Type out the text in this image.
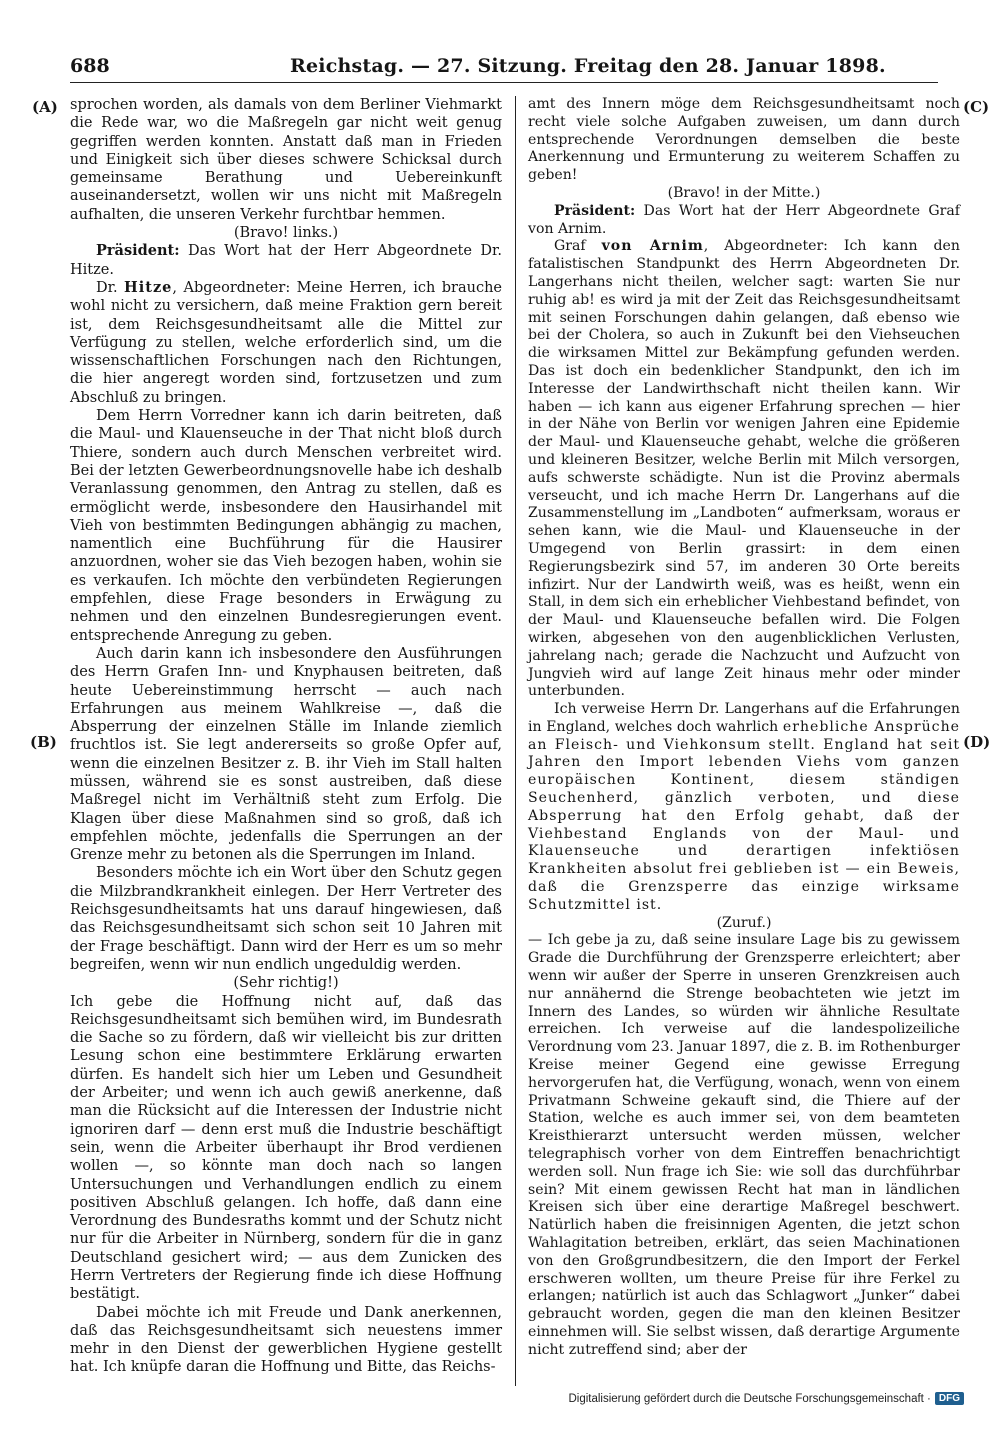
688	Reichstag. — 27. Sitzung. Freitag den 28. Januar 1898.
(A)
(B)
(C)
(D)

sprochen worden, als damals von dem Berliner Viehmarkt die Rede war, wo die Maßregeln gar nicht weit genug gegriffen werden konnten. Anstatt daß man in Frieden und Einigkeit sich über dieses schwere Schicksal durch gemeinsame Berathung und Uebereinkunft auseinandersetzt, wollen wir uns nicht mit Maßregeln aufhalten, die unseren Verkehr furchtbar hemmen.

(Bravo! links.)

Präsident: Das Wort hat der Herr Abgeordnete Dr. Hitze.

Dr. Hitze, Abgeordneter: Meine Herren, ich brauche wohl nicht zu versichern, daß meine Fraktion gern bereit ist, dem Reichsgesundheitsamt alle die Mittel zur Verfügung zu stellen, welche erforderlich sind, um die wissenschaftlichen Forschungen nach den Richtungen, die hier angeregt worden sind, fortzusetzen und zum Abschluß zu bringen.

Dem Herrn Vorredner kann ich darin beitreten, daß die Maul- und Klauenseuche in der That nicht bloß durch Thiere, sondern auch durch Menschen verbreitet wird. Bei der letzten Gewerbeordnungsnovelle habe ich deshalb Veranlassung genommen, den Antrag zu stellen, daß es ermöglicht werde, insbesondere den Hausirhandel mit Vieh von bestimmten Bedingungen abhängig zu machen, namentlich eine Buchführung für die Hausirer anzuordnen, woher sie das Vieh bezogen haben, wohin sie es verkaufen. Ich möchte den verbündeten Regierungen empfehlen, diese Frage besonders in Erwägung zu nehmen und den einzelnen Bundesregierungen event. entsprechende Anregung zu geben.

Auch darin kann ich insbesondere den Ausführungen des Herrn Grafen Inn- und Knyphausen beitreten, daß heute Uebereinstimmung herrscht — auch nach Erfahrungen aus meinem Wahlkreise —, daß die Absperrung der einzelnen Ställe im Inlande ziemlich fruchtlos ist. Sie legt andererseits so große Opfer auf, wenn die einzelnen Besitzer z. B. ihr Vieh im Stall halten müssen, während sie es sonst austreiben, daß diese Maßregel nicht im Verhältniß steht zum Erfolg. Die Klagen über diese Maßnahmen sind so groß, daß ich empfehlen möchte, jedenfalls die Sperrungen an der Grenze mehr zu betonen als die Sperrungen im Inland.

Besonders möchte ich ein Wort über den Schutz gegen die Milzbrandkrankheit einlegen. Der Herr Vertreter des Reichsgesundheitsamts hat uns darauf hingewiesen, daß das Reichsgesundheitsamt sich schon seit 10 Jahren mit der Frage beschäftigt. Dann wird der Herr es um so mehr begreifen, wenn wir nun endlich ungeduldig werden.

(Sehr richtig!)

Ich gebe die Hoffnung nicht auf, daß das Reichsgesundheitsamt sich bemühen wird, im Bundesrath die Sache so zu fördern, daß wir vielleicht bis zur dritten Lesung schon eine bestimmtere Erklärung erwarten dürfen. Es handelt sich hier um Leben und Gesundheit der Arbeiter; und wenn ich auch gewiß anerkenne, daß man die Rücksicht auf die Interessen der Industrie nicht ignoriren darf — denn erst muß die Industrie beschäftigt sein, wenn die Arbeiter überhaupt ihr Brod verdienen wollen —, so könnte man doch nach so langen Untersuchungen und Verhandlungen endlich zu einem positiven Abschluß gelangen. Ich hoffe, daß dann eine Verordnung des Bundesraths kommt und der Schutz nicht nur für die Arbeiter in Nürnberg, sondern für die in ganz Deutschland gesichert wird; — aus dem Zunicken des Herrn Vertreters der Regierung finde ich diese Hoffnung bestätigt.

Dabei möchte ich mit Freude und Dank anerkennen, daß das Reichsgesundheitsamt sich neuestens immer mehr in den Dienst der gewerblichen Hygiene gestellt hat. Ich knüpfe daran die Hoffnung und Bitte, das Reichs-

amt des Innern möge dem Reichsgesundheitsamt noch recht viele solche Aufgaben zuweisen, um dann durch entsprechende Verordnungen demselben die beste Anerkennung und Ermunterung zu weiterem Schaffen zu geben!

(Bravo! in der Mitte.)

Präsident: Das Wort hat der Herr Abgeordnete Graf von Arnim.

Graf von Arnim, Abgeordneter: Ich kann den fatalistischen Standpunkt des Herrn Abgeordneten Dr. Langerhans nicht theilen, welcher sagt: warten Sie nur ruhig ab! es wird ja mit der Zeit das Reichsgesundheitsamt mit seinen Forschungen dahin gelangen, daß ebenso wie bei der Cholera, so auch in Zukunft bei den Viehseuchen die wirksamen Mittel zur Bekämpfung gefunden werden. Das ist doch ein bedenklicher Standpunkt, den ich im Interesse der Landwirthschaft nicht theilen kann. Wir haben — ich kann aus eigener Erfahrung sprechen — hier in der Nähe von Berlin vor wenigen Jahren eine Epidemie der Maul- und Klauenseuche gehabt, welche die größeren und kleineren Besitzer, welche Berlin mit Milch versorgen, aufs schwerste schädigte. Nun ist die Provinz abermals verseucht, und ich mache Herrn Dr. Langerhans auf die Zusammenstellung im „Landboten“ aufmerksam, woraus er sehen kann, wie die Maul- und Klauenseuche in der Umgegend von Berlin grassirt: in dem einen Regierungsbezirk sind 57, im anderen 30 Orte bereits infizirt. Nur der Landwirth weiß, was es heißt, wenn ein Stall, in dem sich ein erheblicher Viehbestand befindet, von der Maul- und Klauenseuche befallen wird. Die Folgen wirken, abgesehen von den augenblicklichen Verlusten, jahrelang nach; gerade die Nachzucht und Aufzucht von Jungvieh wird auf lange Zeit hinaus mehr oder minder unterbunden.

Ich verweise Herrn Dr. Langerhans auf die Erfahrungen in England, welches doch wahrlich erhebliche Ansprüche an Fleisch- und Viehkonsum stellt. England hat seit Jahren den Import lebenden Viehs vom ganzen europäischen Kontinent, diesem ständigen Seuchenherd, gänzlich verboten, und diese Absperrung hat den Erfolg gehabt, daß der Viehbestand Englands von der Maul- und Klauenseuche und derartigen infektiösen Krankheiten absolut frei geblieben ist — ein Beweis, daß die Grenzsperre das einzige wirksame Schutzmittel ist.

(Zuruf.)

— Ich gebe ja zu, daß seine insulare Lage bis zu gewissem Grade die Durchführung der Grenzsperre erleichtert; aber wenn wir außer der Sperre in unseren Grenzkreisen auch nur annähernd die Strenge beobachteten wie jetzt im Innern des Landes, so würden wir ähnliche Resultate erreichen. Ich verweise auf die landespolizeiliche Verordnung vom 23. Januar 1897, die z. B. im Rothenburger Kreise meiner Gegend eine gewisse Erregung hervorgerufen hat, die Verfügung, wonach, wenn von einem Privatmann Schweine gekauft sind, die Thiere auf der Station, welche es auch immer sei, von dem beamteten Kreisthierarzt untersucht werden müssen, welcher telegraphisch vorher von dem Eintreffen benachrichtigt werden soll. Nun frage ich Sie: wie soll das durchführbar sein? Mit einem gewissen Recht hat man in ländlichen Kreisen sich über eine derartige Maßregel beschwert. Natürlich haben die freisinnigen Agenten, die jetzt schon Wahlagitation betreiben, erklärt, das seien Machinationen von den Großgrundbesitzern, die den Import der Ferkel erschweren wollten, um theure Preise für ihre Ferkel zu erlangen; natürlich ist auch das Schlagwort „Junker“ dabei gebraucht worden, gegen die man den kleinen Besitzer einnehmen will. Sie selbst wissen, daß derartige Argumente nicht zutreffend sind; aber der

Digitalisierung gefördert durch die Deutsche Forschungsgemeinschaft · DFG
